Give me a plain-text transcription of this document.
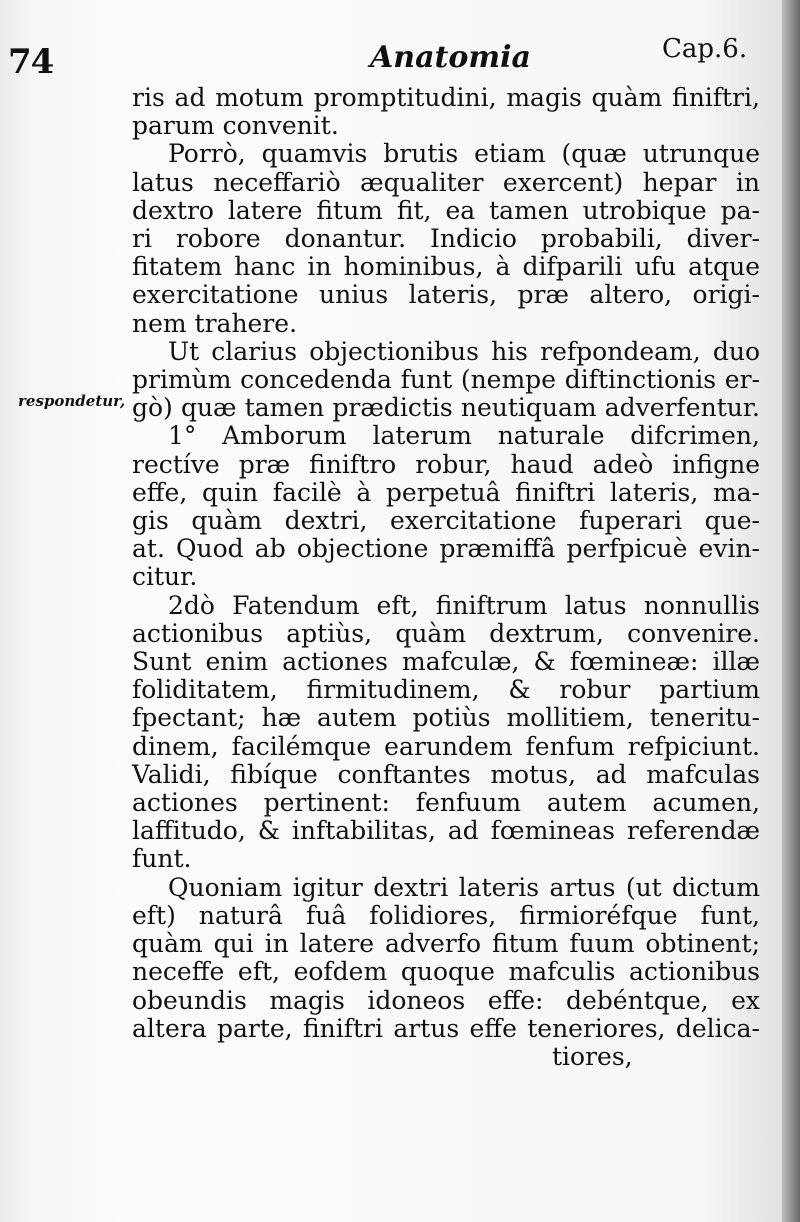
74	Anatomia	Cap.6.
respondetur,
ris ad motum promptitudini, magis quàm finiftri,
parum convenit.
Porrò, quamvis brutis etiam (quæ utrunque
latus neceffariò æqualiter exercent) hepar in
dextro latere fitum fit, ea tamen utrobique pa-
ri robore donantur. Indicio probabili, diver-
fitatem hanc in hominibus, à difparili ufu atque
exercitatione unius lateris, præ altero, origi-
nem trahere.
Ut clarius objectionibus his refpondeam, duo
primùm concedenda funt (nempe diftinctionis er-
gò) quæ tamen prædictis neutiquam adverfentur.
1° Amborum laterum naturale difcrimen,
rectíve præ finiftro robur, haud adeò infigne
effe, quin facilè à perpetuâ finiftri lateris, ma-
gis quàm dextri, exercitatione fuperari que-
at. Quod ab objectione præmiffâ perfpicuè evin-
citur.
2dò Fatendum eft, finiftrum latus nonnullis
actionibus aptiùs, quàm dextrum, convenire.
Sunt enim actiones mafculæ, & fœmineæ: illæ
foliditatem, firmitudinem, & robur partium
fpectant; hæ autem potiùs mollitiem, teneritu-
dinem, facilémque earundem fenfum refpiciunt.
Validi, fibíque conftantes motus, ad mafculas
actiones pertinent: fenfuum autem acumen,
laffitudo, & inftabilitas, ad fœmineas referendæ
funt.
Quoniam igitur dextri lateris artus (ut dictum
eft) naturâ fuâ folidiores, firmioréfque funt,
quàm qui in latere adverfo fitum fuum obtinent;
neceffe eft, eofdem quoque mafculis actionibus
obeundis magis idoneos effe: debéntque, ex
altera parte, finiftri artus effe teneriores, delica-
tiores,
